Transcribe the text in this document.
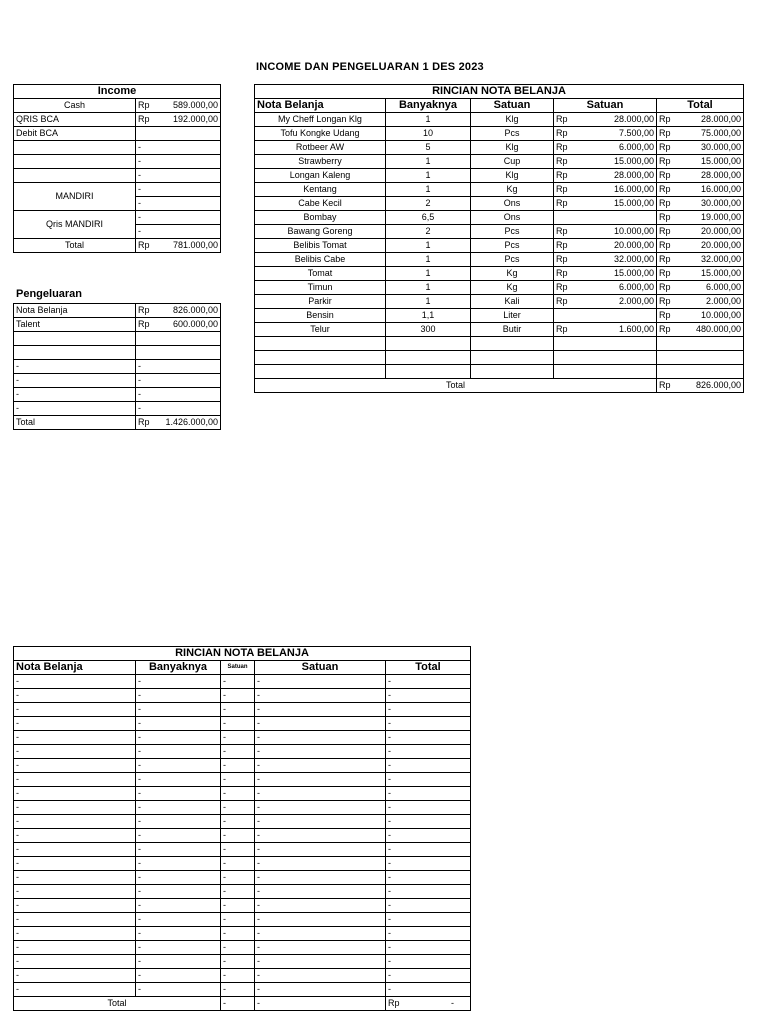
INCOME DAN PENGELUARAN 1 DES 2023
Income	
Cash	Rp 589.000,00

QRIS BCA	Rp 192.000,00

Debit BCA	

	-

	-

	-

MANDIRI	-

	-

Qris MANDIRI	-

	-

Total	Rp 781.000,00
Pengeluaran
Nota Belanja	Rp 826.000,00

Talent	Rp 600.000,00

-	-

-	-

-	-

-	-

Total	Rp 1.426.000,00
RINCIAN NOTA BELANJA						
Nota Belanja	Banyaknya	Satuan	Satuan		Total	
My Cheff Longan Klg	1	Klg	Rp	28.000,00	Rp	28.000,00
Tofu Kongke Udang	10	Pcs	Rp	7.500,00	Rp	75.000,00
Rotbeer AW	5	Klg	Rp	6.000,00	Rp	30.000,00
Strawberry	1	Cup	Rp	15.000,00	Rp	15.000,00
Longan Kaleng	1	Klg	Rp	28.000,00	Rp	28.000,00
Kentang	1	Kg	Rp	16.000,00	Rp	16.000,00
Cabe Kecil	2	Ons	Rp	15.000,00	Rp	30.000,00
Bombay	6,5	Ons			Rp	19.000,00
Bawang Goreng	2	Pcs	Rp	10.000,00	Rp	20.000,00
Belibis Tomat	1	Pcs	Rp	20.000,00	Rp	20.000,00
Belibis Cabe	1	Pcs	Rp	32.000,00	Rp	32.000,00
Tomat	1	Kg	Rp	15.000,00	Rp	15.000,00
Timun	1	Kg	Rp	6.000,00	Rp	6.000,00
Parkir	1	Kali	Rp	2.000,00	Rp	2.000,00
Bensin	1,1	Liter			Rp	10.000,00
Telur	300	Butir	Rp	1.600,00	Rp	480.000,00

Total					Rp	826.000,00
RINCIAN NOTA BELANJA				
Nota Belanja	Banyaknya	Satuan	Satuan	Total
-	-	-	-	-
-	-	-	-	-
-	-	-	-	-
-	-	-	-	-
-	-	-	-	-
-	-	-	-	-
-	-	-	-	-
-	-	-	-	-
-	-	-	-	-
-	-	-	-	-
-	-	-	-	-
-	-	-	-	-
-	-	-	-	-
-	-	-	-	-
-	-	-	-	-
-	-	-	-	-
-	-	-	-	-
-	-	-	-	-
-	-	-	-	-
-	-	-	-	-
-	-	-	-	-
-	-	-	-	-
-	-	-	-	-
Total		-	-	Rp -
